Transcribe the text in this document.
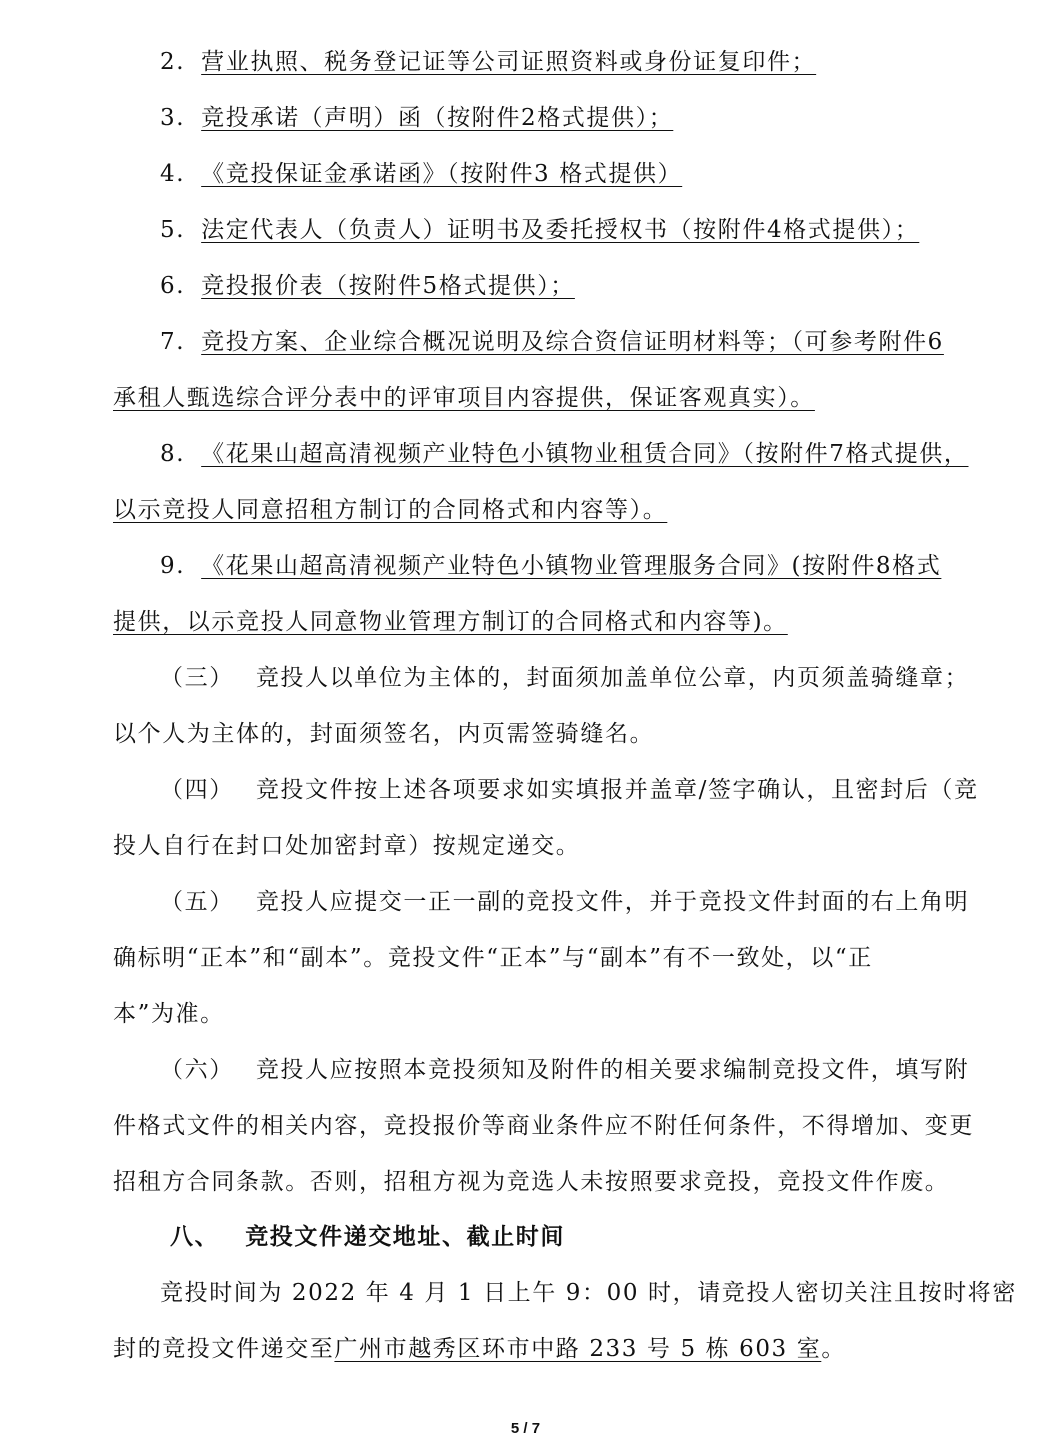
2. 营业执照、税务登记证等公司证照资料或身份证复印件；
3. 竞投承诺（声明）函（按附件2格式提供）；
4. 《竞投保证金承诺函》（按附件3 格式提供）
5. 法定代表人（负责人）证明书及委托授权书（按附件4格式提供）；
6. 竞投报价表（按附件5格式提供）；
7. 竞投方案、企业综合概况说明及综合资信证明材料等；（可参考附件6
承租人甄选综合评分表中的评审项目内容提供，保证客观真实）。
8. 《花果山超高清视频产业特色小镇物业租赁合同》（按附件7格式提供，
以示竞投人同意招租方制订的合同格式和内容等）。
9. 《花果山超高清视频产业特色小镇物业管理服务合同》(按附件8格式
提供，以示竞投人同意物业管理方制订的合同格式和内容等)。
（三） 竞投人以单位为主体的，封面须加盖单位公章，内页须盖骑缝章；
以个人为主体的，封面须签名，内页需签骑缝名。
（四） 竞投文件按上述各项要求如实填报并盖章/签字确认，且密封后（竞
投人自行在封口处加密封章）按规定递交。
（五） 竞投人应提交一正一副的竞投文件，并于竞投文件封面的右上角明
确标明“正本”和“副本”。竞投文件“正本”与“副本”有不一致处，以“正
本”为准。
（六） 竞投人应按照本竞投须知及附件的相关要求编制竞投文件，填写附
件格式文件的相关内容，竞投报价等商业条件应不附任何条件，不得增加、变更
招租方合同条款。否则，招租方视为竞选人未按照要求竞投，竞投文件作废。
八、 竞投文件递交地址、截止时间
竞投时间为 2022 年 4 月 1 日上午 9：00 时，请竞投人密切关注且按时将密
封的竞投文件递交至广州市越秀区环市中路 233 号 5 栋 603 室。
5 / 7
